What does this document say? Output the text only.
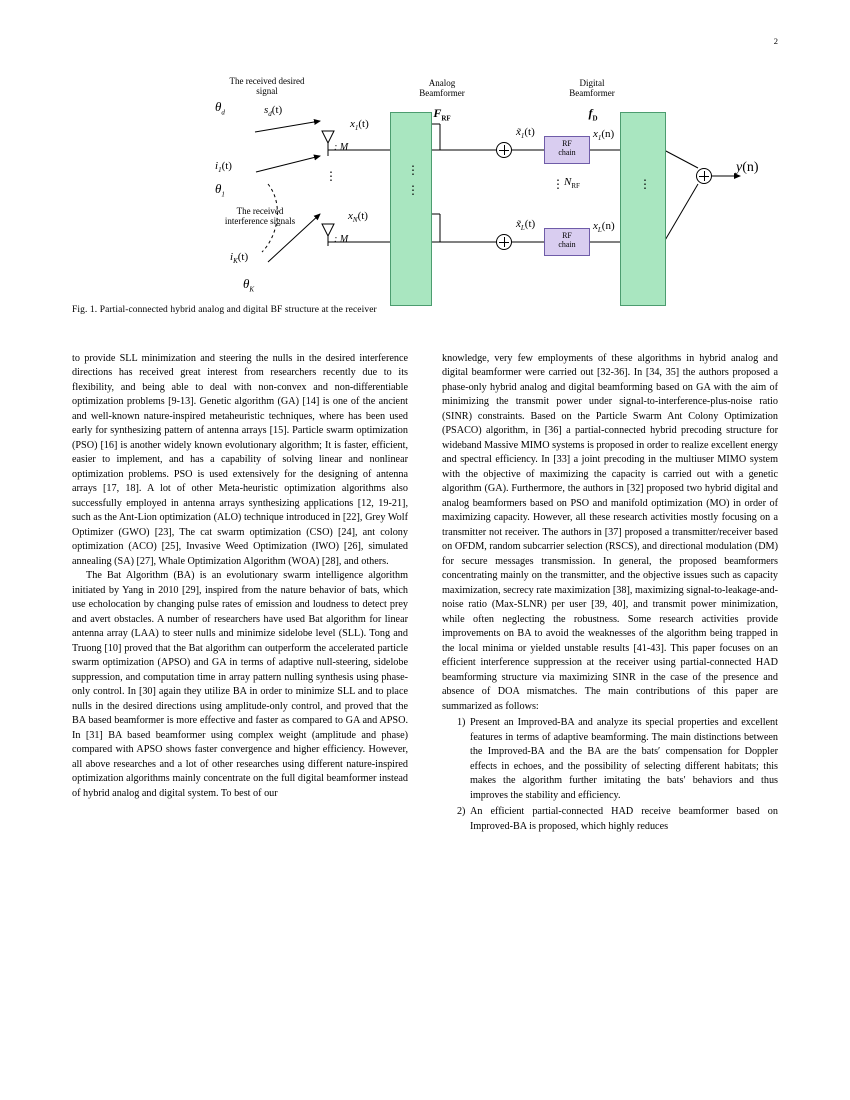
2
Analog
Beamformer
$F_{RF}$
Digital
Beamformer
$f_D$
The received desired
signal
The received
interference signals
$\theta_d$
$\theta_1$
$\theta_K$
$s_d(t)$
$i_1(t)$
$i_K(t)$
$x_1(t)$
$x_N(t)$
: M
: M
⋮
⋮
⋮
$x̃_1(t)$
$x̃_L(t)$
RF
chain
RF
chain
$x_1(n)$
$x_L(n)$
⋮ $N_{RF}$	⋮
y(n)
Fig. 1. Partial-connected hybrid analog and digital BF structure at the receiver

to provide SLL minimization and steering the nulls in the desired interference directions has received great interest from researchers recently due to its flexibility, and being able to deal with non-convex and non-differentiable optimization problems [9-13]. Genetic algorithm (GA) [14] is one of the ancient and well-known nature-inspired metaheuristic techniques, where has been used early for synthesizing pattern of antenna arrays [15]. Particle swarm optimization (PSO) [16] is another widely known evolutionary algorithm; It is faster, efficient, easier to implement, and has a capability of solving linear and nonlinear optimization problems. PSO is used extensively for the designing of antenna arrays [17, 18]. A lot of other Meta-heuristic optimization algorithms also successfully employed in antenna arrays synthesizing applications [12, 19-21], such as the Ant-Lion optimization (ALO) technique introduced in [22], Grey Wolf Optimizer (GWO) [23], The cat swarm optimization (CSO) [24], ant colony optimization (ACO) [25], Invasive Weed Optimization (IWO) [26], simulated annealing (SA) [27], Whale Optimization Algorithm (WOA) [28], and others.

The Bat Algorithm (BA) is an evolutionary swarm intelligence algorithm initiated by Yang in 2010 [29], inspired from the nature behavior of bats, which use echolocation by changing pulse rates of emission and loudness to detect prey and avert obstacles. A number of researchers have used Bat algorithm for linear antenna array (LAA) to steer nulls and minimize sidelobe level (SLL). Tong and Truong [10] proved that the Bat algorithm can outperform the accelerated particle swarm optimization (APSO) and GA in terms of adaptive null-steering, sidelobe suppression, and computation time in array pattern nulling synthesis using phase-only control. In [30] again they utilize BA in order to minimize SLL and to place nulls in the desired directions using amplitude-only control, and proved that the BA based beamformer is more effective and faster as compared to GA and APSO. In [31] BA based beamformer using complex weight (amplitude and phase) compared with APSO shows faster convergence and higher efficiency. However, all above researches and a lot of other researches using different nature-inspired optimization algorithms mainly concentrate on the full digital beamformer instead of hybrid analog and digital system. To best of our

knowledge, very few employments of these algorithms in hybrid analog and digital beamformer were carried out [32-36]. In [34, 35] the authors proposed a phase-only hybrid analog and digital beamforming based on GA with the aim of minimizing the transmit power under signal-to-interference-plus-noise ratio (SINR) constraints. Based on the Particle Swarm Ant Colony Optimization (PSACO) algorithm, in [36] a partial-connected hybrid precoding structure for wideband Massive MIMO systems is proposed in order to realize excellent energy and spectral efficiency. In [33] a joint precoding in the multiuser MIMO system with the objective of maximizing the capacity is carried out with a genetic algorithm (GA). Furthermore, the authors in [32] proposed two hybrid digital and analog beamformers based on PSO and manifold optimization (MO) in order of maximizing capacity. However, all these research activities mostly focusing on a transmitter not receiver. The authors in [37] proposed a transmitter/receiver based on OFDM, random subcarrier selection (RSCS), and directional modulation (DM) for secure messages transmission. In general, the proposed beamformers concentrating mainly on the transmitter, and the objective issues such as capacity maximization, secrecy rate maximization [38], maximizing signal-to-leakage-and-noise ratio (Max-SLNR) per user [39, 40], and transmit power minimization, while often neglecting the robustness. Some research activities provide improvements on BA to avoid the weaknesses of the algorithm being trapped in the local minima or yielded unstable results [41-43]. This paper focuses on an efficient interference suppression at the receiver using partial-connected HAD beamforming structure via maximizing SINR in the case of the presence and absence of DOA mismatches. The main contributions of this paper are summarized as follows:

1. Present an Improved-BA and analyze its special properties and excellent features in terms of adaptive beamforming. The main distinctions between the Improved-BA and the BA are the bats′ compensation for Doppler effects in echoes, and the possibility of selecting different habitats; this makes the algorithm further imitating the bats′ behaviors and thus improves the stability and efficiency.
2. An efficient partial-connected HAD receive beamformer based on Improved-BA is proposed, which highly reduces
